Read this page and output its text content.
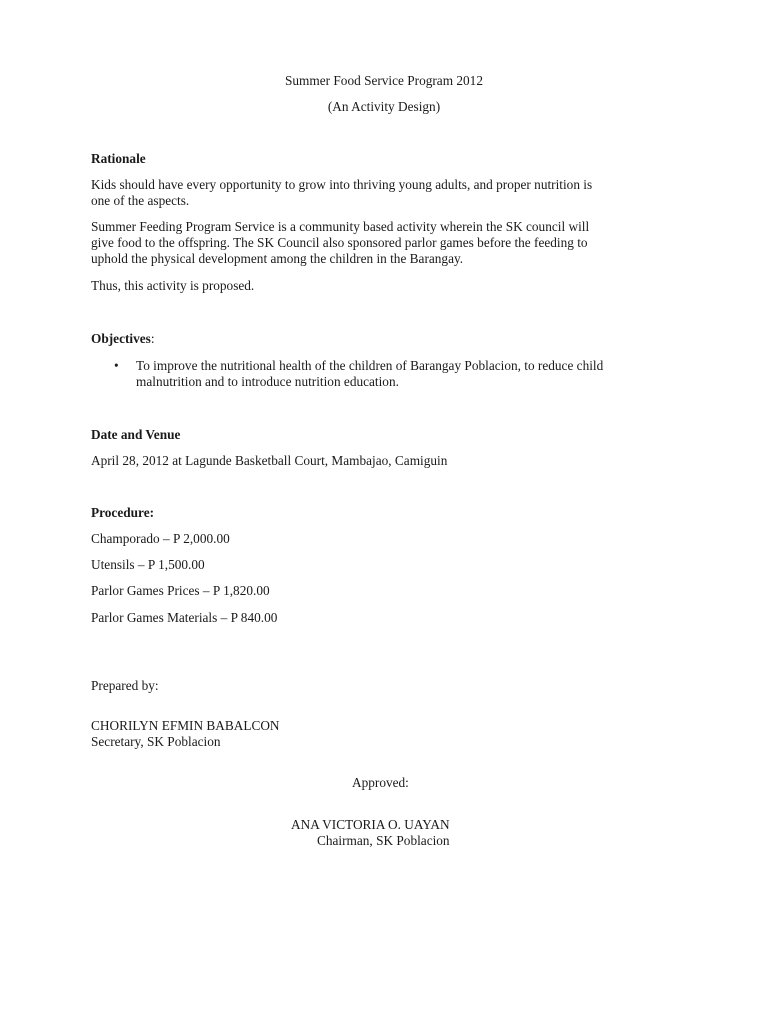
Summer Food Service Program 2012

(An Activity Design)

Rationale

Kids should have every opportunity to grow into thriving young adults, and proper nutrition is

one of the aspects.

Summer Feeding Program Service is a community based activity wherein the SK council will

give food to the offspring. The SK Council also sponsored parlor games before the feeding to

uphold the physical development among the children in the Barangay.

Thus, this activity is proposed.

Objectives:

• To improve the nutritional health of the children of Barangay Poblacion, to reduce child

malnutrition and to introduce nutrition education.

Date and Venue

April 28, 2012 at Lagunde Basketball Court, Mambajao, Camiguin

Procedure:

Champorado – P 2,000.00

Utensils – P 1,500.00

Parlor Games Prices – P 1,820.00

Parlor Games Materials – P 840.00

Prepared by:

CHORILYN EFMIN BABALCON

Secretary, SK Poblacion

Approved:

ANA VICTORIA O. UAYAN

Chairman, SK Poblacion
